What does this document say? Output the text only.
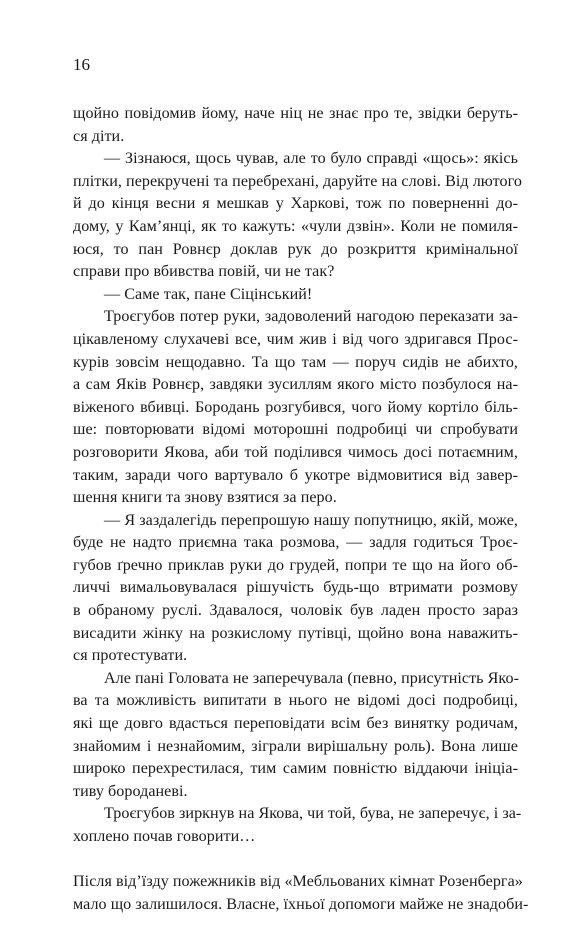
16
щойно повідомив йому, наче ніц не знає про те, звідки беруть-
ся діти.
— Зізнаюся, щось чував, але то було справді «щось»: якісь
плітки, перекручені та перебрехані, даруйте на слові. Від лютого
й до кінця весни я мешкав у Харкові, тож по поверненні до-
дому, у Кам’янці, як то кажуть: «чули дзвін». Коли не помиля-
юся, то пан Ровнєр доклав рук до розкриття кримінальної
справи про вбивства повій, чи не так?
— Саме так, пане Сіцінський!
Троєгубов потер руки, задоволений нагодою переказати за-
цікавленому слухачеві все, чим жив і від чого здригався Прос-
курів зовсім нещодавно. Та що там — поруч сидів не абихто,
а сам Яків Ровнєр, завдяки зусиллям якого місто позбулося на-
віженого вбивці. Бородань розгубився, чого йому кортіло біль-
ше: повторювати відомі моторошні подробиці чи спробувати
розговорити Якова, аби той поділився чимось досі потаємним,
таким, заради чого вартувало б укотре відмовитися від завер-
шення книги та знову взятися за перо.
— Я заздалегідь перепрошую нашу попутницю, якій, може,
буде не надто приємна така розмова, — задля годиться Троє-
губов ґречно приклав руки до грудей, попри те що на його об-
личчі вимальовувалася рішучість будь-що втримати розмову
в обраному руслі. Здавалося, чоловік був ладен просто зараз
висадити жінку на розкислому путівці, щойно вона наважить-
ся протестувати.
Але пані Головата не заперечувала (певно, присутність Яко-
ва та можливість випитати в нього не відомі досі подробиці,
які ще довго вдасться переповідати всім без винятку родичам,
знайомим і незнайомим, зіграли вирішальну роль). Вона лише
широко перехрестилася, тим самим повністю віддаючи ініціа-
тиву бороданеві.
Троєгубов зиркнув на Якова, чи той, бува, не заперечує, і за-
хоплено почав говорити…
Після від’їзду пожежників від «Мебльованих кімнат Розенберга»
мало що залишилося. Власне, їхньої допомоги майже не знадоби-
